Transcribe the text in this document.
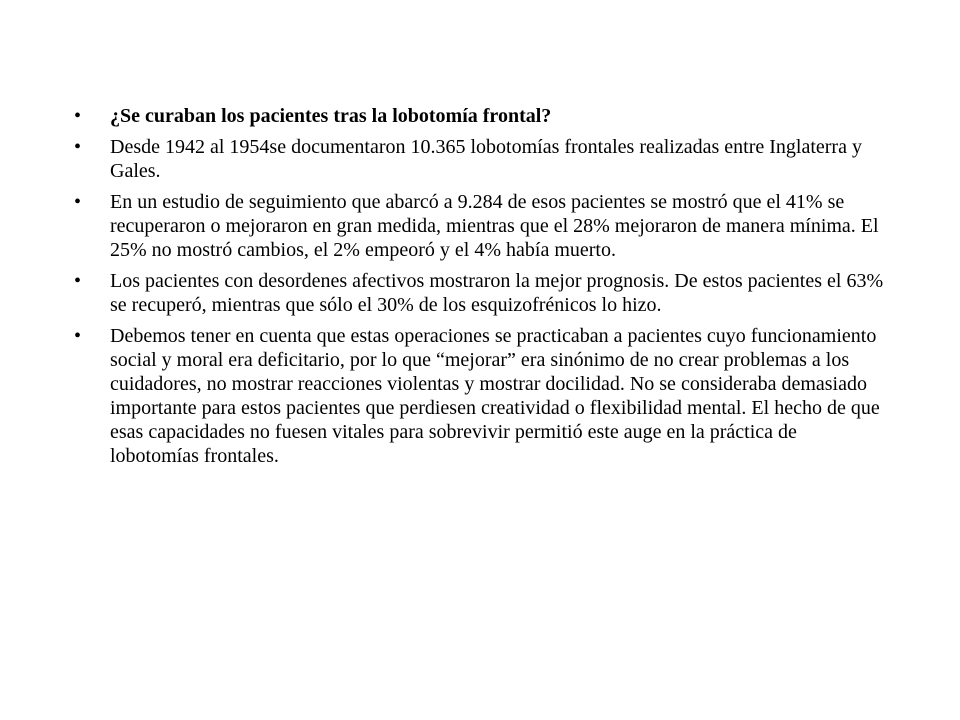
• ¿Se curaban los pacientes tras la lobotomía frontal?
• Desde 1942 al 1954se documentaron 10.365 lobotomías frontales realizadas entre Inglaterra y Gales.
• En un estudio de seguimiento que abarcó a 9.284 de esos pacientes se mostró que el 41% se recuperaron o mejoraron en gran medida, mientras que el 28% mejoraron de manera mínima. El 25% no mostró cambios, el 2% empeoró y el 4% había muerto.
• Los pacientes con desordenes afectivos mostraron la mejor prognosis. De estos pacientes el 63% se recuperó, mientras que sólo el 30% de los esquizofrénicos lo hizo.
• Debemos tener en cuenta que estas operaciones se practicaban a pacientes cuyo funcionamiento social y moral era deficitario, por lo que “mejorar” era sinónimo de no crear problemas a los cuidadores, no mostrar reacciones violentas y mostrar docilidad. No se consideraba demasiado importante para estos pacientes que perdiesen creatividad o flexibilidad mental. El hecho de que esas capacidades no fuesen vitales para sobrevivir permitió este auge en la práctica de lobotomías frontales.
